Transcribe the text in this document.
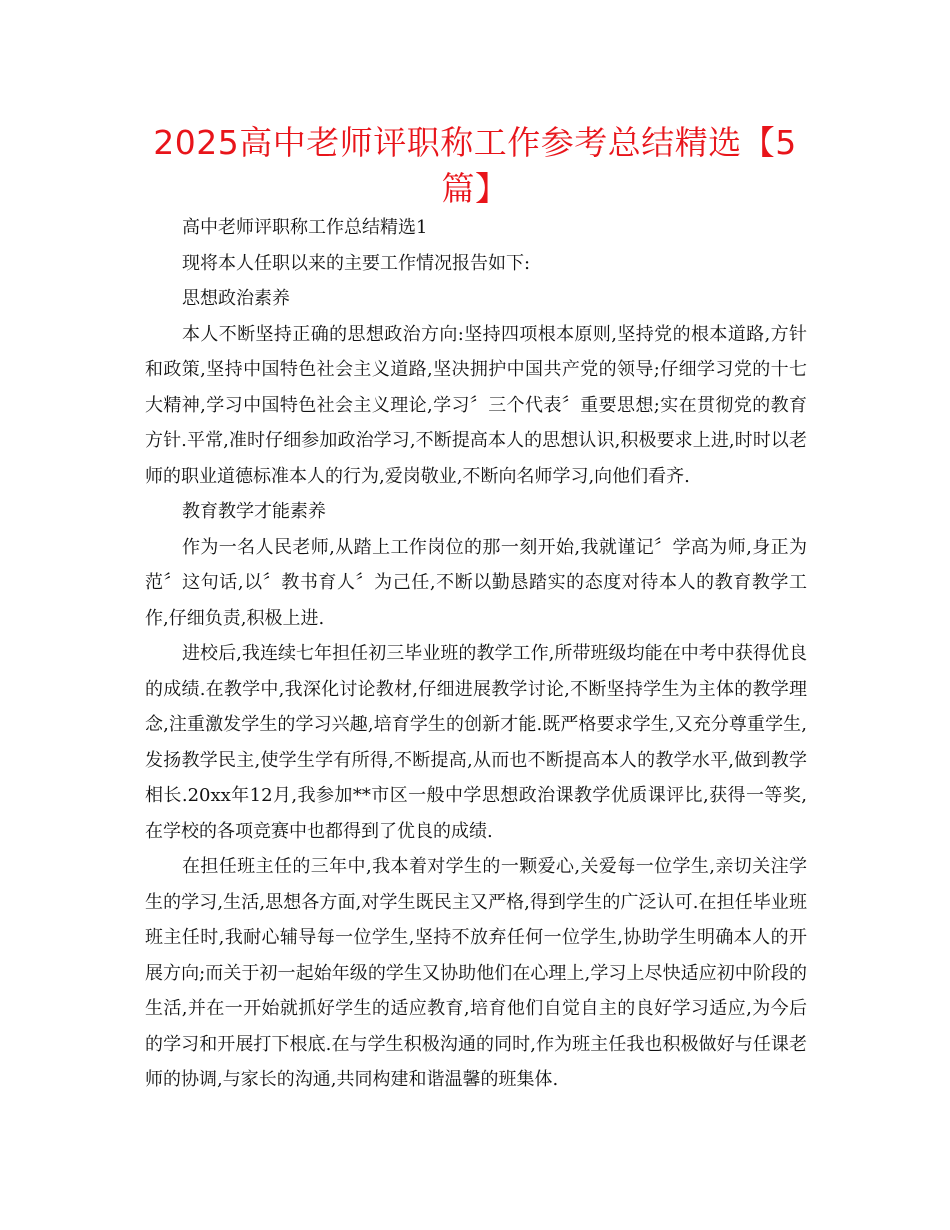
2025高中老师评职称工作参考总结精选【5篇】

高中老师评职称工作总结精选1

现将本人任职以来的主要工作情况报告如下:

思想政治素养

本人不断坚持正确的思想政治方向:坚持四项根本原则,坚持党的根本道路,方针和政策,坚持中国特色社会主义道路,坚决拥护中国共产党的领导;仔细学习党的十七大精神,学习中国特色社会主义理论,学习〞三个代表〞重要思想;实在贯彻党的教育方针.平常,准时仔细参加政治学习,不断提高本人的思想认识,积极要求上进,时时以老师的职业道德标准本人的行为,爱岗敬业,不断向名师学习,向他们看齐.

教育教学才能素养

作为一名人民老师,从踏上工作岗位的那一刻开始,我就谨记〞学高为师,身正为范〞这句话,以〞教书育人〞为己任,不断以勤恳踏实的态度对待本人的教育教学工作,仔细负责,积极上进.

进校后,我连续七年担任初三毕业班的教学工作,所带班级均能在中考中获得优良的成绩.在教学中,我深化讨论教材,仔细进展教学讨论,不断坚持学生为主体的教学理念,注重激发学生的学习兴趣,培育学生的创新才能.既严格要求学生,又充分尊重学生,发扬教学民主,使学生学有所得,不断提高,从而也不断提高本人的教学水平,做到教学相长.20xx年12月,我参加**市区一般中学思想政治课教学优质课评比,获得一等奖,在学校的各项竞赛中也都得到了优良的成绩.

在担任班主任的三年中,我本着对学生的一颗爱心,关爱每一位学生,亲切关注学生的学习,生活,思想各方面,对学生既民主又严格,得到学生的广泛认可.在担任毕业班班主任时,我耐心辅导每一位学生,坚持不放弃任何一位学生,协助学生明确本人的开展方向;而关于初一起始年级的学生又协助他们在心理上,学习上尽快适应初中阶段的生活,并在一开始就抓好学生的适应教育,培育他们自觉自主的良好学习适应,为今后的学习和开展打下根底.在与学生积极沟通的同时,作为班主任我也积极做好与任课老师的协调,与家长的沟通,共同构建和谐温馨的班集体.
